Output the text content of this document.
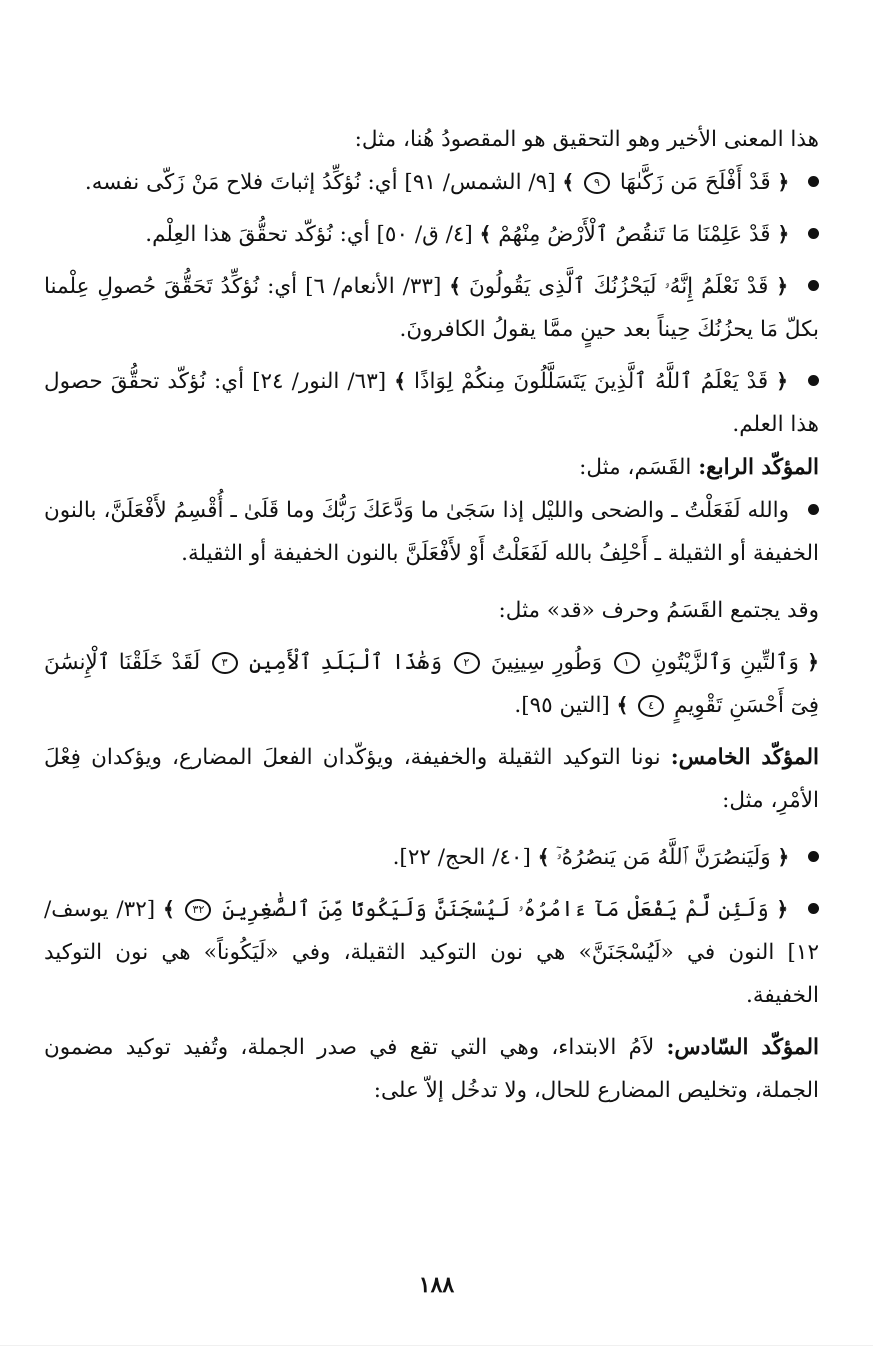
هذا المعنى الأخير وهو التحقيق هو المقصودُ هُنا، مثل:

﴿ قَدْ أَفْلَحَ مَن زَكَّىٰهَا ٩ ﴾ [٩/ الشمس/ ٩١] أي: نُؤكِّدُ إثباتَ فلاح مَنْ زَكّى نفسه.

﴿ قَدْ عَلِمْنَا مَا تَنقُصُ ٱلْأَرْضُ مِنْهُمْ ﴾ [٤/ ق/ ٥٠] أي: نُؤكّد تحقُّقَ هذا العِلْم.

﴿ قَدْ نَعْلَمُ إِنَّهُۥ لَيَحْزُنُكَ ٱلَّذِى يَقُولُونَ ﴾ [٣٣/ الأنعام/ ٦] أي: نُؤكِّدُ تَحَقُّقَ حُصولِ عِلْمنا بكلّ مَا يحزُنُكَ حِيناً بعد حينٍ ممَّا يقولُ الكافرونَ.

﴿ قَدْ يَعْلَمُ ٱللَّهُ ٱلَّذِينَ يَتَسَلَّلُونَ مِنكُمْ لِوَاذًا ﴾ [٦٣/ النور/ ٢٤] أي: نُؤكّد تحقُّقَ حصول هذا العلم.

المؤكّد الرابع: القَسَم، مثل:

والله لَفَعَلْتُ ـ والضحى والليْل إذا سَجَىٰ ما وَدَّعَكَ رَبُّكَ وما قَلَىٰ ـ أُقْسِمُ لأَفْعَلَنَّ، بالنون الخفيفة أو الثقيلة ـ أَحْلِفُ بالله لَفَعَلْتُ أَوْ لأَفْعَلَنَّ بالنون الخفيفة أو الثقيلة.

وقد يجتمع القَسَمُ وحرف «قد» مثل:

﴿ وَٱلتِّينِ وَٱلزَّيْتُونِ ١ وَطُورِ سِينِينَ ٢ وَهَٰذَا ٱلْبَلَدِ ٱلْأَمِينِ ٣ لَقَدْ خَلَقْنَا ٱلْإِنسَٰنَ فِىٓ أَحْسَنِ تَقْوِيمٍ ٤ ﴾ [التين ٩٥].

المؤكّد الخامس: نونا التوكيد الثقيلة والخفيفة، ويؤكّدان الفعلَ المضارع، ويؤكدان فِعْلَ الأمْرِ، مثل:

﴿ وَلَيَنصُرَنَّ ٱللَّهُ مَن يَنصُرُهُۥٓ ﴾ [٤٠/ الحج/ ٢٢].

﴿ وَلَئِن لَّمْ يَفْعَلْ مَآ ءَامُرُهُۥ لَيُسْجَنَنَّ وَلَيَكُونًا مِّنَ ٱلصَّٰغِرِينَ ٣٢ ﴾ [٣٢/ يوسف/ ١٢] النون في «لَيُسْجَنَنَّ» هي نون التوكيد الثقيلة، وفي «لَيَكُوناً» هي نون التوكيد الخفيفة.

المؤكّد السّادس: لاَمُ الابتداء، وهي التي تقع في صدر الجملة، وتُفيد توكيد مضمون الجملة، وتخليص المضارع للحال، ولا تدخُل إلاّ على:

١٨٨
